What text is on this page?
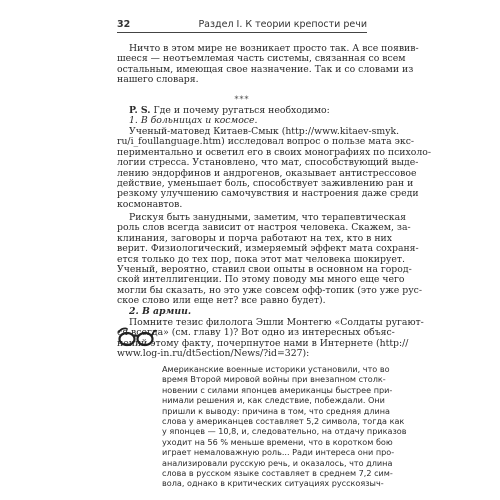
32	Раздел I. К теории крепости речи
Ничто в этом мире не возникает просто так. А все появив-
шееся — неотъемлемая часть системы, связанная со всем
остальным, имеющая свое назначение. Так и со словами из
нашего словаря.
***
P. S. Где и почему ругаться необходимо:
1. В больницах и космосе.
Ученый-матовед Китаев-Смык (http://www.kitaev-smyk.
ru/i_foullanguage.htm) исследовал вопрос о пользе мата экс-
периментально и осветил его в своих монографиях по психоло-
логии стресса. Установлено, что мат, способствующий выде-
лению эндорфинов и андрогенов, оказывает антистрессовое
действие, уменьшает боль, способствует заживлению ран и
резкому улучшению самочувствия и настроения даже среди
космонавтов.
Рискуя быть занудными, заметим, что терапевтическая
роль слов всегда зависит от настроя человека. Скажем, за-
клинания, заговоры и порча работают на тех, кто в них
верит. Физиологический, измеряемый эффект мата сохраня-
ется только до тех пор, пока этот мат человека шокирует.
Ученый, вероятно, ставил свои опыты в основном на город-
ской интеллигенции. По этому поводу мы много еще чего
могли бы сказать, но это уже совсем офф-топик (это уже рус-
ское слово или еще нет? все равно будет).
2. В армии.
Помните тезис филолога Эшли Монтегю «Солдаты ругают-
ся всегда» (см. главу 1)? Вот одно из интересных объяс-
нений этому факту, почерпнутое нами в Интернете (http://
www.log-in.ru/dt5ection/News/?id=327):
Американские военные историки установили, что во
время Второй мировой войны при внезапном столк-
новении с силами японцев американцы быстрее при-
нимали решения и, как следствие, побеждали. Они
пришли к выводу: причина в том, что средняя длина
слова у американцев составляет 5,2 символа, тогда как
у японцев — 10,8, и, следовательно, на отдачу приказов
уходит на 56 % меньше времени, что в коротком бою
играет немаловажную роль... Ради интереса они про-
анализировали русскую речь, и оказалось, что длина
слова в русском языке составляет в среднем 7,2 сим-
вола, однако в критических ситуациях русскоязыч-
